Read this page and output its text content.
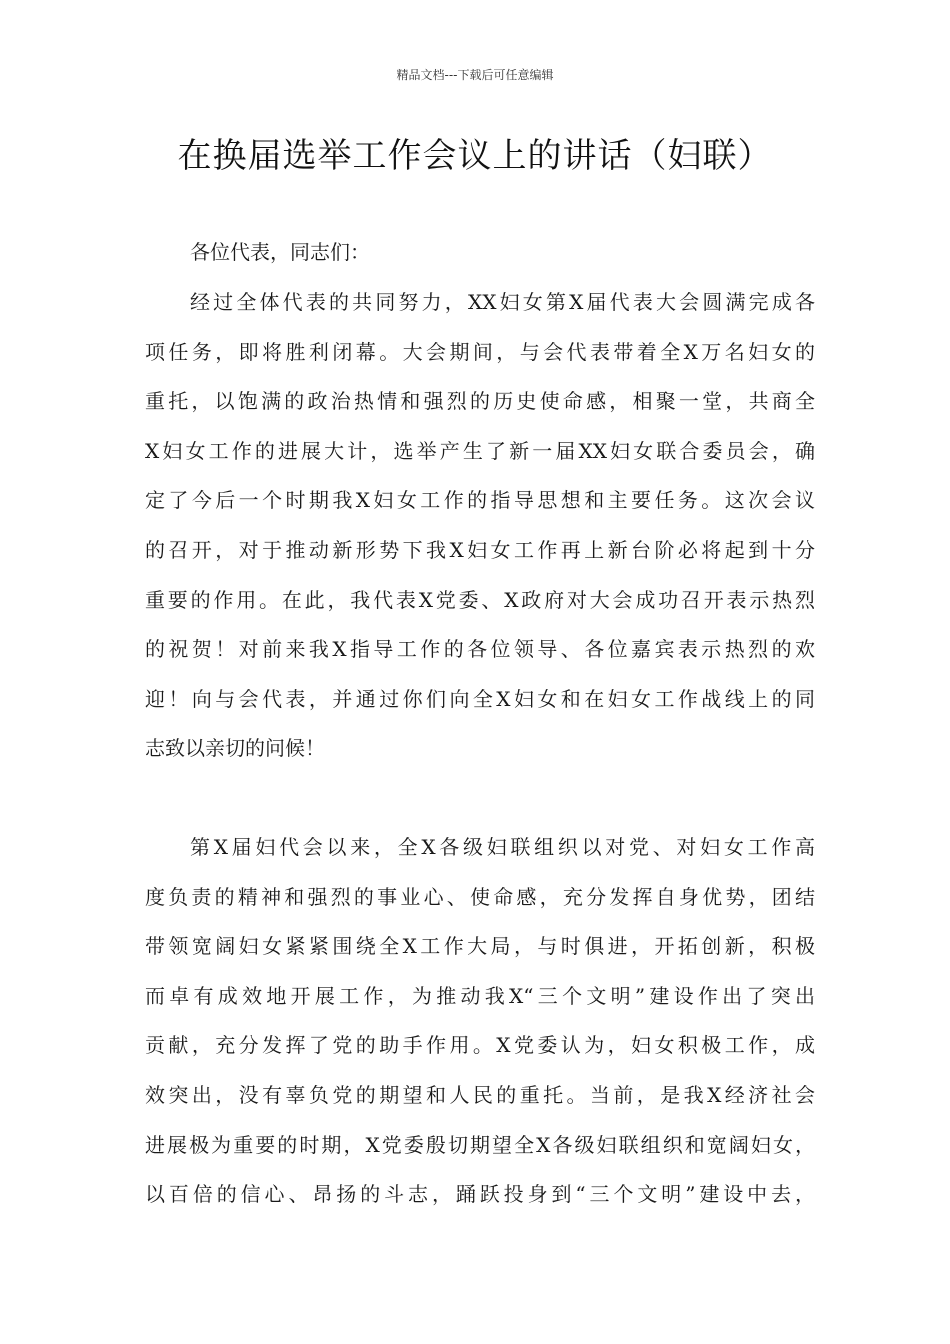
精品文档---下载后可任意编辑
在换届选举工作会议上的讲话（妇联）
各位代表，同志们：
经过全体代表的共同努力，XX妇女第X届代表大会圆满完成各
项任务，即将胜利闭幕。大会期间，与会代表带着全X万名妇女的
重托，以饱满的政治热情和强烈的历史使命感，相聚一堂，共商全
X妇女工作的进展大计，选举产生了新一届XX妇女联合委员会，确
定了今后一个时期我X妇女工作的指导思想和主要任务。这次会议
的召开，对于推动新形势下我X妇女工作再上新台阶必将起到十分
重要的作用。在此，我代表X党委、X政府对大会成功召开表示热烈
的祝贺！对前来我X指导工作的各位领导、各位嘉宾表示热烈的欢
迎！向与会代表，并通过你们向全X妇女和在妇女工作战线上的同
志致以亲切的问候！
第X届妇代会以来，全X各级妇联组织以对党、对妇女工作高
度负责的精神和强烈的事业心、使命感，充分发挥自身优势，团结
带领宽阔妇女紧紧围绕全X工作大局，与时俱进，开拓创新，积极
而卓有成效地开展工作，为推动我X“三个文明”建设作出了突出
贡献，充分发挥了党的助手作用。X党委认为，妇女积极工作，成
效突出，没有辜负党的期望和人民的重托。当前，是我X经济社会
进展极为重要的时期，X党委殷切期望全X各级妇联组织和宽阔妇女，
以百倍的信心、昂扬的斗志，踊跃投身到“三个文明”建设中去，
